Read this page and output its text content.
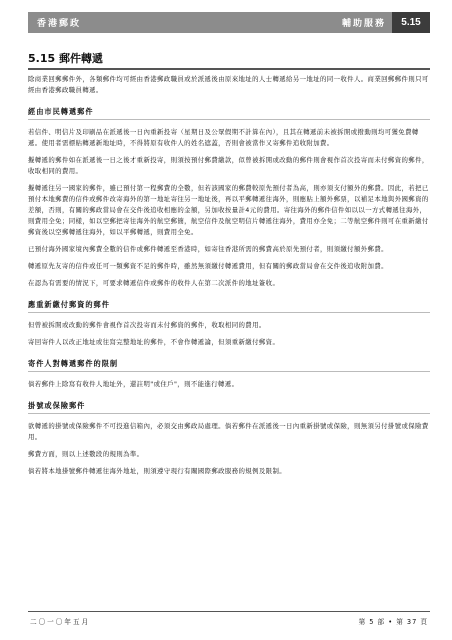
香港郵政	輔助服務	5.15
5.15 郵件轉遞

除商業回郵郵件外，各類郵件均可經由香港郵政職員或於派遞後由原來地址的人士轉遞給另一地址的同一收件人。商業回郵郵件則只可經由香港郵政職員轉遞。

經由市民轉遞郵件

若信件、明信片及印刷品在派遞後一日內重新投寄（星期日及公眾假期不計算在內），且其在轉遞前未被拆開或撥動則均可獲免費轉遞。使用者需標貼轉遞新地址時，不得將原有收件人的姓名遮蓋，否則會被當作又寄郵件追收附加費。

擬轉遞的郵件如在派遞後一日之後才重新投寄，則須按預付郵費繳款，似曾被拆開或改動的郵件則會視作首次投寄而未付郵資的郵件，收取相同的費用。

擬轉遞往另一國家的郵件，雖已預付第一程郵費的全數，但若該國家的郵費較原先預付者為高，則亦須支付額外的郵費。因此，若把已預付本地郵費的信件或郵件改寄海外的第一地址寄往另一地址後，再以平郵轉遞往海外，則應貼上額外郵票，以補足本地與外國郵資的差額，否則，有關的郵政當局會在交件後追收相應的金額，另加收按量計4元的費用。寄往海外的郵件信件如以以一方式轉遞往海外，則費用全免；同樣，如以空郵把寄往海外的航空郵簡，航空信件及航空明信片轉遞往海外，費用亦全免；二等航空郵件則可在重新繳付郵資後以空郵轉遞往海外，如以平郵轉遞，則費用全免。

已預付海外國家境內郵費全數的信件或郵件轉遞至香港時，如寄往香港所需的郵費高於原先預付者，則須繳付額外郵費。

轉遞原先友寄的信件或任可一類郵資不足的郵件時，雖然無須繳付轉遞費用，但有關的郵政當局會在交件後追收附加費。

在認為有需要的情況下，可要求轉遞信件或郵件的收件人在第二次派件的地址簽收。

應重新繳付郵資的郵件

但曾被拆開或改動的郵件會視作首次投寄而未付郵資的郵件，收取相同的費用。

寄回寄件人以改正地址或往寫完整地址的郵件，不會作轉遞論，但須重新繳付郵資。

寄件人對轉遞郵件的限制

倘若郵件上除寫有收件人地址外，還註明"或住戶"，則不能進行轉遞。

掛號或保險郵件

欲轉遞的掛號或保險郵件不可投進信箱內，必須交由郵政局處理。倘若郵件在派遞後一日內重新掛號或保險，則無須另付掛號或保險費用。

郵費方面，則以上述數段的規則為準。

倘若將本地掛號郵件轉遞往海外地址，則須遵守現行有關國際郵政服務的規例及限制。

二〇一〇年五月	第 5 部 • 第 37 頁
